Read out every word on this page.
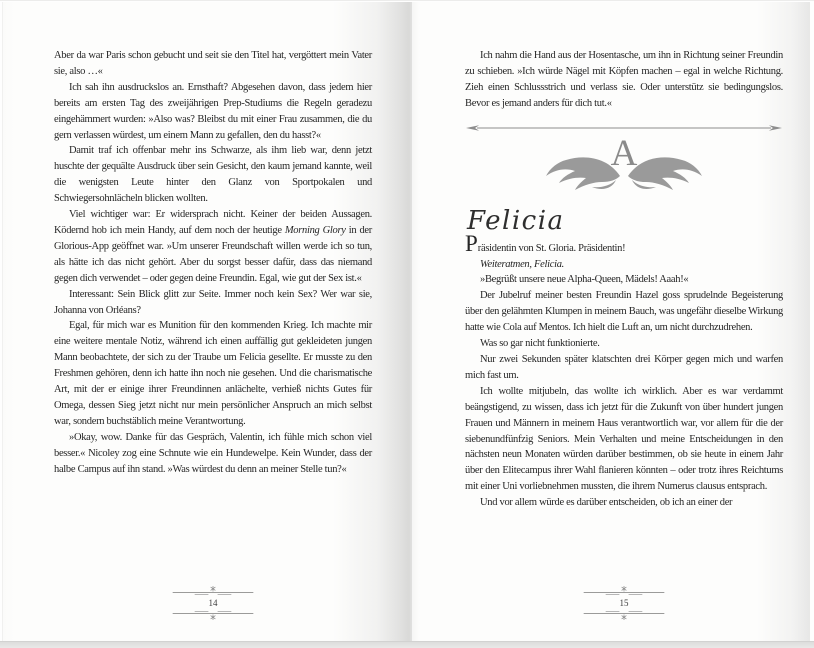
Aber da war Paris schon gebucht und seit sie den Titel hat, vergöttert mein Vater sie, also …«

Ich sah ihn ausdruckslos an. Ernsthaft? Abgesehen davon, dass jedem hier bereits am ersten Tag des zweijährigen Prep-Studiums die Regeln geradezu eingehämmert wurden: »Also was? Bleibst du mit einer Frau zusammen, die du gern verlassen würdest, um einem Mann zu gefallen, den du hasst?«

Damit traf ich offenbar mehr ins Schwarze, als ihm lieb war, denn jetzt huschte der gequälte Ausdruck über sein Gesicht, den kaum jemand kannte, weil die wenigsten Leute hinter den Glanz von Sportpokalen und Schwiegersohnlächeln blicken wollten.

Viel wichtiger war: Er widersprach nicht. Keiner der beiden Aussagen. Ködernd hob ich mein Handy, auf dem noch der heutige Morning Glory in der Glorious-App geöffnet war. »Um unserer Freundschaft willen werde ich so tun, als hätte ich das nicht gehört. Aber du sorgst besser dafür, dass das niemand gegen dich verwendet – oder gegen deine Freundin. Egal, wie gut der Sex ist.«

Interessant: Sein Blick glitt zur Seite. Immer noch kein Sex? Wer war sie, Johanna von Orléans?

Egal, für mich war es Munition für den kommenden Krieg. Ich machte mir eine weitere mentale Notiz, während ich einen auffällig gut gekleideten jungen Mann beobachtete, der sich zu der Traube um Felicia gesellte. Er musste zu den Freshmen gehören, denn ich hatte ihn noch nie gesehen. Und die charismatische Art, mit der er einige ihrer Freundinnen anlächelte, verhieß nichts Gutes für Omega, dessen Sieg jetzt nicht nur mein persönlicher Anspruch an mich selbst war, sondern buchstäblich meine Verantwortung.

»Okay, wow. Danke für das Gespräch, Valentin, ich fühle mich schon viel besser.« Nicoley zog eine Schnute wie ein Hundewelpe. Kein Wunder, dass der halbe Campus auf ihn stand. »Was würdest du denn an meiner Stelle tun?«

14

Ich nahm die Hand aus der Hosentasche, um ihn in Richtung seiner Freundin zu schieben. »Ich würde Nägel mit Köpfen machen – egal in welche Richtung. Zieh einen Schlussstrich und verlass sie. Oder unterstütz sie bedingungslos. Bevor es jemand anders für dich tut.«

A
Felicia

Präsidentin von St. Gloria. Präsidentin!

Weiteratmen, Felicia.

»Begrüßt unsere neue Alpha-Queen, Mädels! Aaah!«

Der Jubelruf meiner besten Freundin Hazel goss sprudelnde Begeisterung über den gelähmten Klumpen in meinem Bauch, was ungefähr dieselbe Wirkung hatte wie Cola auf Mentos. Ich hielt die Luft an, um nicht durchzudrehen.

Was so gar nicht funktionierte.

Nur zwei Sekunden später klatschten drei Körper gegen mich und warfen mich fast um.

Ich wollte mitjubeln, das wollte ich wirklich. Aber es war verdammt beängstigend, zu wissen, dass ich jetzt für die Zukunft von über hundert jungen Frauen und Männern in meinem Haus verantwortlich war, vor allem für die der siebenundfünfzig Seniors. Mein Verhalten und meine Entscheidungen in den nächsten neun Monaten würden darüber bestimmen, ob sie heute in einem Jahr über den Elitecampus ihrer Wahl flanieren könnten – oder trotz ihres Reichtums mit einer Uni vorliebnehmen mussten, die ihrem Numerus clausus entsprach.

Und vor allem würde es darüber entscheiden, ob ich an einer der

15
